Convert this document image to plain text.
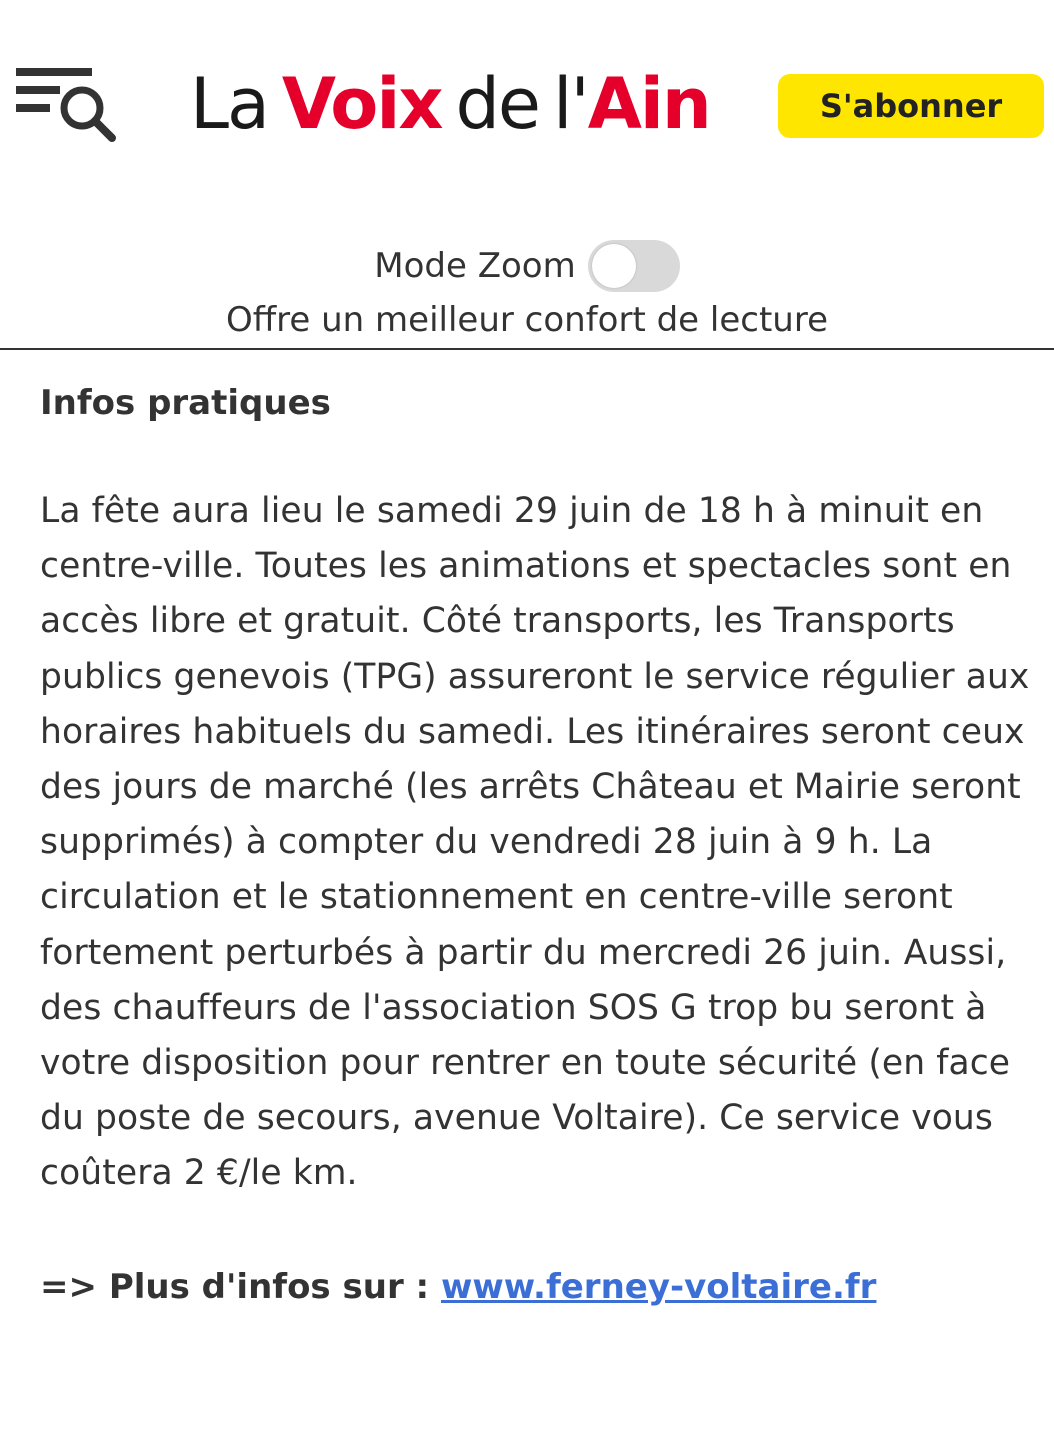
La Voix de l' Ain	S'abonner
Mode Zoom
Offre un meilleur confort de lecture

Infos pratiques

La fête aura lieu le samedi 29 juin de 18 h à minuit en centre-ville. Toutes les animations et spectacles sont en accès libre et gratuit. Côté transports, les Transports publics genevois (TPG) assureront le service régulier aux horaires habituels du samedi. Les itinéraires seront ceux des jours de marché (les arrêts Château et Mairie seront supprimés) à compter du vendredi 28 juin à 9 h. La circulation et le stationnement en centre-ville seront fortement perturbés à partir du mercredi 26 juin. Aussi, des chauffeurs de l'association SOS G trop bu seront à votre disposition pour rentrer en toute sécurité (en face du poste de secours, avenue Voltaire). Ce service vous coûtera 2 €/le km.

=> Plus d'infos sur : www.ferney-voltaire.fr
